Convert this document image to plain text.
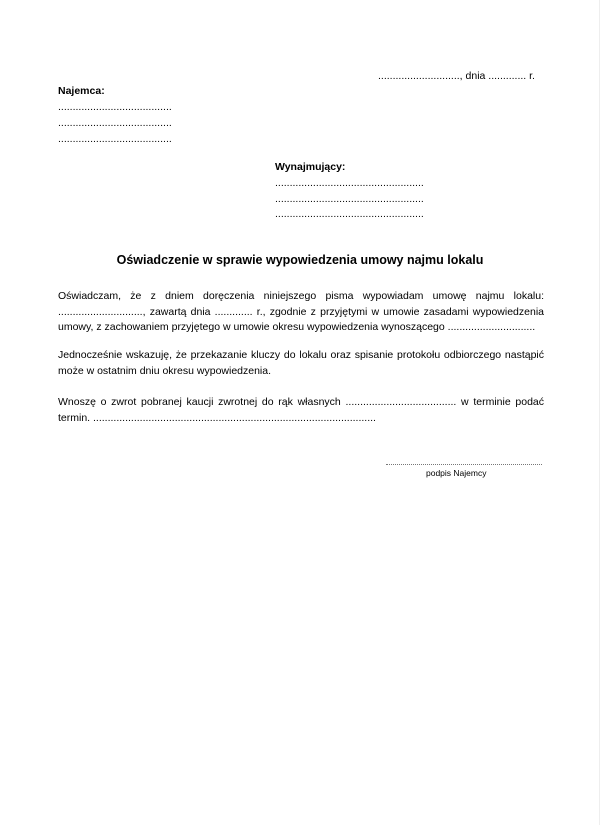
............................, dnia ............. r.
Najemca:
.......................................
.......................................
.......................................
Wynajmujący:
...................................................
...................................................
...................................................
Oświadczenie w sprawie wypowiedzenia umowy najmu lokalu

Oświadczam, że z dniem doręczenia niniejszego pisma wypowiadam umowę najmu lokalu: ............................., zawartą dnia ............. r., zgodnie z przyjętymi w umowie zasadami wypowiedzenia umowy, z zachowaniem przyjętego w umowie okresu wypowiedzenia wynoszącego ..............................

Jednocześnie wskazuję, że przekazanie kluczy do lokalu oraz spisanie protokołu odbiorczego nastąpić może w ostatnim dniu okresu wypowiedzenia.

Wnoszę o zwrot pobranej kaucji zwrotnej do rąk własnych ...................................... w terminie podać termin. .................................................................................................

podpis Najemcy
